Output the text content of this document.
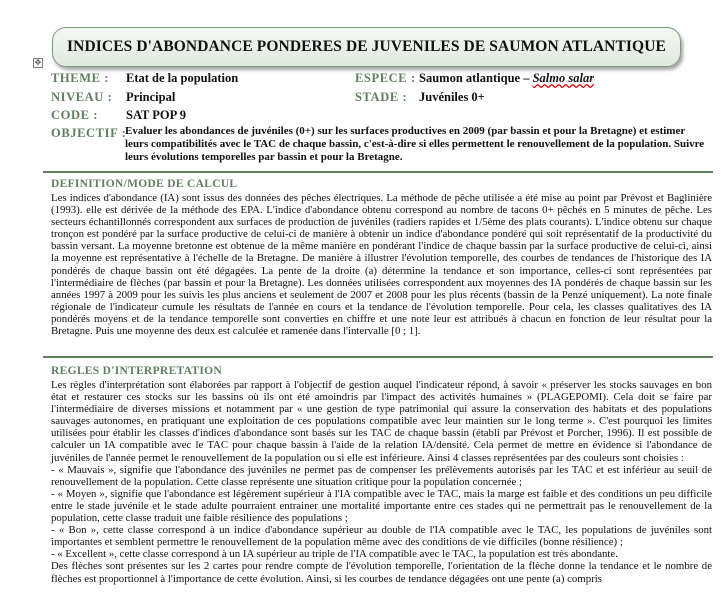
INDICES D'ABONDANCE PONDERES DE JUVENILES DE SAUMON ATLANTIQUE
✥
THEME : Etat de la population	ESPECE : Saumon atlantique – Salmo salar
NIVEAU : Principal	STADE : Juvéniles 0+
CODE : SAT POP 9
OBJECTIF :
Evaluer les abondances de juvéniles (0+) sur les surfaces productives en 2009 (par bassin et pour la Bretagne) et estimer leurs compatibilités avec le TAC de chaque bassin, c'est-à-dire si elles permettent le renouvellement de la population. Suivre leurs évolutions temporelles par bassin et pour la Bretagne.
DEFINITION/MODE DE CALCUL

Les indices d'abondance (IA) sont issus des données des pêches électriques. La méthode de pêche utilisée a été mise au point par Prévost et Baglinière (1993). elle est dérivée de la méthode des EPA. L'indice d'abondance obtenu correspond au nombre de tacons 0+ pêchés en 5 minutes de pêche. Les secteurs échantillonnés correspondent aux surfaces de production de juvéniles (radiers rapides et 1/5ème des plats courants). L'indice obtenu sur chaque tronçon est pondéré par la surface productive de celui-ci de manière à obtenir un indice d'abondance pondéré qui soit représentatif de la productivité du bassin versant. La moyenne bretonne est obtenue de la même manière en pondérant l'indice de chaque bassin par la surface productive de celui-ci, ainsi la moyenne est représentative à l'échelle de la Bretagne. De manière à illustrer l'évolution temporelle, des courbes de tendances de l'historique des IA pondérés de chaque bassin ont été dégagées. La pente de la droite (a) détermine la tendance et son importance, celles-ci sont représentées par l'intermédiaire de flèches (par bassin et pour la Bretagne). Les données utilisées correspondent aux moyennes des IA pondérés de chaque bassin sur les années 1997 à 2009 pour les suivis les plus anciens et seulement de 2007 et 2008 pour les plus récents (bassin de la Penzé uniquement). La note finale régionale de l'indicateur cumule les résultats de l'année en cours et la tendance de l'évolution temporelle. Pour cela, les classes qualitatives des IA pondérés moyens et de la tendance temporelle sont converties en chiffre et une note leur est attribués à chacun en fonction de leur résultat pour la Bretagne. Puis une moyenne des deux est calculée et ramenée dans l'intervalle [0 ; 1].

REGLES D'INTERPRETATION

Les règles d'interprétation sont élaborées par rapport à l'objectif de gestion auquel l'indicateur répond, à savoir « préserver les stocks sauvages en bon état et restaurer ces stocks sur les bassins où ils ont été amoindris par l'impact des activités humaines » (PLAGEPOMI). Cela doit se faire par l'intermédiaire de diverses missions et notamment par « une gestion de type patrimonial qui assure la conservation des habitats et des populations sauvages autonomes, en pratiquant une exploitation de ces populations compatible avec leur maintien sur le long terme ». C'est pourquoi les limites utilisées pour établir les classes d'indices d'abondance sont basés sur les TAC de chaque bassin (établi par Prévost et Porcher, 1996). Il est possible de calculer un IA compatible avec le TAC pour chaque bassin à l'aide de la relation IA/densité. Cela permet de mettre en évidence si l'abondance de juvéniles de l'année permet le renouvellement de la population ou si elle est inférieure. Ainsi 4 classes représentées par des couleurs sont choisies :

- « Mauvais », signifie que l'abondance des juvéniles ne permet pas de compenser les prélèvements autorisés par les TAC et est inférieur au seuil de renouvellement de la population. Cette classe représente une situation critique pour la population concernée ;

- « Moyen », signifie que l'abondance est légèrement supérieur à l'IA compatible avec le TAC, mais la marge est faible et des conditions un peu difficile entre le stade juvénile et le stade adulte pourraient entrainer une mortalité importante entre ces stades qui ne permettrait pas le renouvellement de la population, cette classe traduit une faible résilience des populations ;

- « Bon », cette classe correspond à un indice d'abondance supérieur au double de l'IA compatible avec le TAC, les populations de juvéniles sont importantes et semblent permettre le renouvellement de la population même avec des conditions de vie difficiles (bonne résilience) ;

- « Excellent », cette classe correspond à un IA supérieur au triple de l'IA compatible avec le TAC, la population est très abondante.

Des flèches sont présentes sur les 2 cartes pour rendre compte de l'évolution temporelle, l'orientation de la flèche donne la tendance et le nombre de flèches est proportionnel à l'importance de cette évolution. Ainsi, si les courbes de tendance dégagées ont une pente (a) compris
